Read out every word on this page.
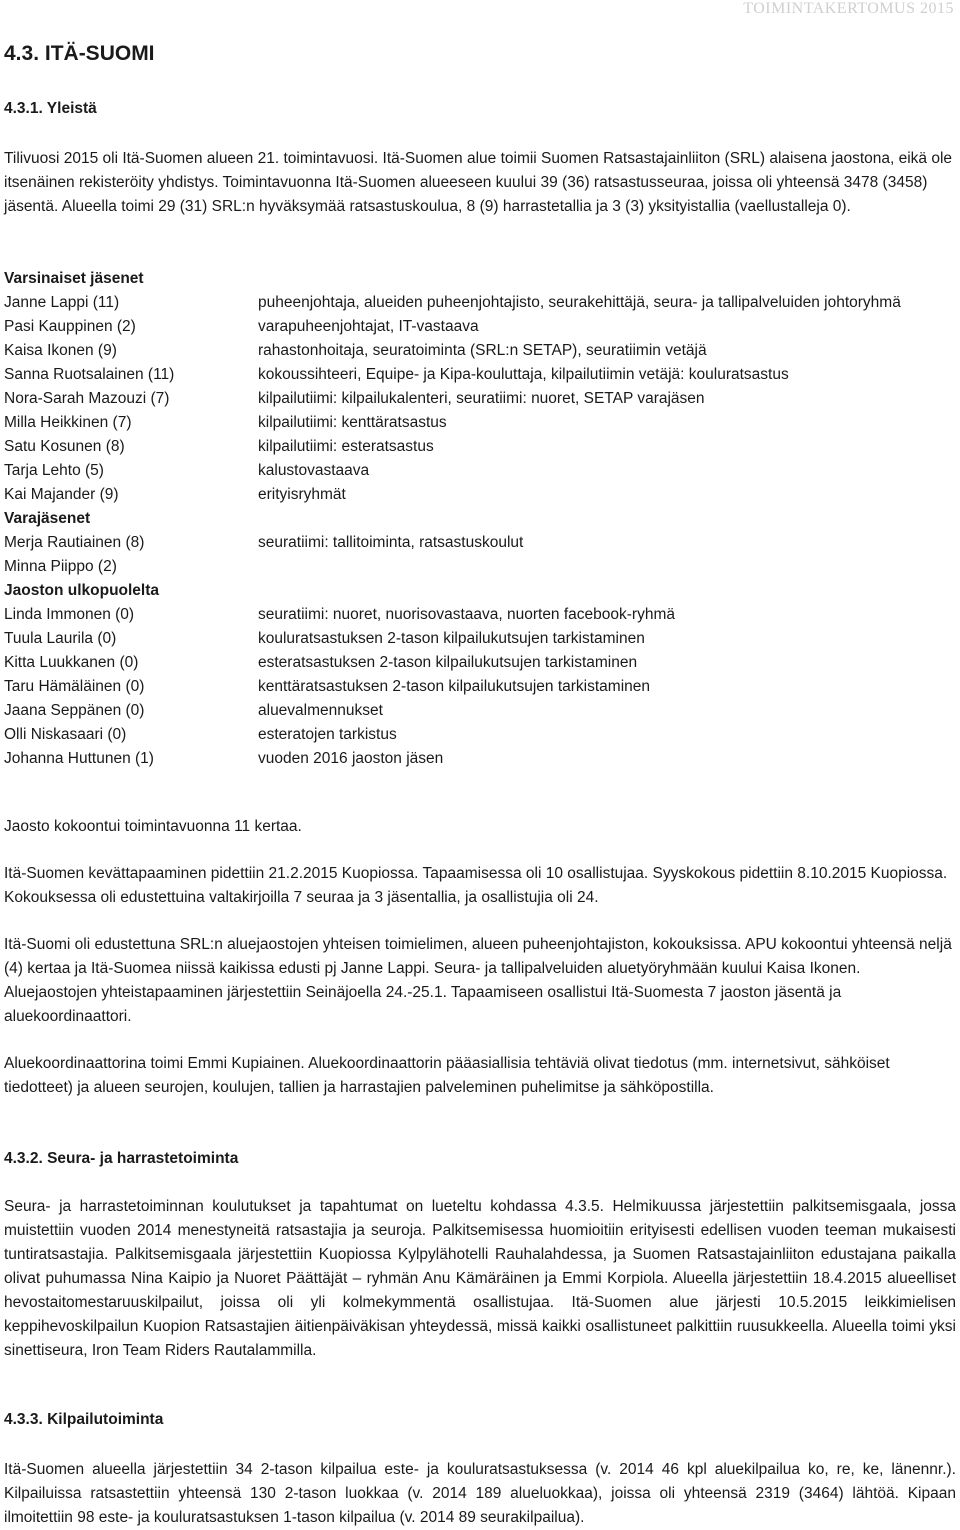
TOIMINTAKERTOMUS 2015
4.3. ITÄ-SUOMI
4.3.1. Yleistä

Tilivuosi 2015 oli Itä-Suomen alueen 21. toimintavuosi. Itä-Suomen alue toimii Suomen Ratsastajainliiton (SRL) alaisena jaostona, eikä ole itsenäinen rekisteröity yhdistys. Toimintavuonna Itä-Suomen alueeseen kuului 39 (36) ratsastusseuraa, joissa oli yhteensä 3478 (3458) jäsentä. Alueella toimi 29 (31) SRL:n hyväksymää ratsastuskoulua, 8 (9) harrastetallia ja 3 (3) yksityistallia (vaellustalleja 0).

Varsinaiset jäsenet
Janne Lappi (11)	puheenjohtaja, alueiden puheenjohtajisto, seurakehittäjä, seura- ja tallipalveluiden johtoryhmä
Pasi Kauppinen (2)	varapuheenjohtajat, IT-vastaava
Kaisa Ikonen (9)	rahastonhoitaja, seuratoiminta (SRL:n SETAP), seuratiimin vetäjä
Sanna Ruotsalainen (11)	kokoussihteeri, Equipe- ja Kipa-kouluttaja, kilpailutiimin vetäjä: kouluratsastus
Nora-Sarah Mazouzi (7)	kilpailutiimi: kilpailukalenteri, seuratiimi: nuoret, SETAP varajäsen
Milla Heikkinen (7)	kilpailutiimi: kenttäratsastus
Satu Kosunen (8)	kilpailutiimi: esteratsastus
Tarja Lehto (5)	kalustovastaava
Kai Majander (9)	erityisryhmät
Varajäsenet
Merja Rautiainen (8)	seuratiimi: tallitoiminta, ratsastuskoulut
Minna Piippo (2)
Jaoston ulkopuolelta
Linda Immonen (0)	seuratiimi: nuoret, nuorisovastaava, nuorten facebook-ryhmä
Tuula Laurila (0)	kouluratsastuksen 2-tason kilpailukutsujen tarkistaminen
Kitta Luukkanen (0)	esteratsastuksen 2-tason kilpailukutsujen tarkistaminen
Taru Hämäläinen (0)	kenttäratsastuksen 2-tason kilpailukutsujen tarkistaminen
Jaana Seppänen (0)	aluevalmennukset
Olli Niskasaari (0)	esteratojen tarkistus
Johanna Huttunen (1)	vuoden 2016 jaoston jäsen

Jaosto kokoontui toimintavuonna 11 kertaa.

Itä-Suomen kevättapaaminen pidettiin 21.2.2015 Kuopiossa. Tapaamisessa oli 10 osallistujaa. Syyskokous pidettiin 8.10.2015 Kuopiossa. Kokouksessa oli edustettuina valtakirjoilla 7 seuraa ja 3 jäsentallia, ja osallistujia oli 24.

Itä-Suomi oli edustettuna SRL:n aluejaostojen yhteisen toimielimen, alueen puheenjohtajiston, kokouksissa. APU kokoontui yhteensä neljä (4) kertaa ja Itä-Suomea niissä kaikissa edusti pj Janne Lappi. Seura- ja tallipalveluiden aluetyöryhmään kuului Kaisa Ikonen. Aluejaostojen yhteistapaaminen järjestettiin Seinäjoella 24.-25.1. Tapaamiseen osallistui Itä-Suomesta 7 jaoston jäsentä ja aluekoordinaattori.

Aluekoordinaattorina toimi Emmi Kupiainen. Aluekoordinaattorin pääasiallisia tehtäviä olivat tiedotus (mm. internetsivut, sähköiset tiedotteet) ja alueen seurojen, koulujen, tallien ja harrastajien palveleminen puhelimitse ja sähköpostilla.

4.3.2. Seura- ja harrastetoiminta

Seura- ja harrastetoiminnan koulutukset ja tapahtumat on lueteltu kohdassa 4.3.5. Helmikuussa järjestettiin palkitsemisgaala, jossa muistettiin vuoden 2014 menestyneitä ratsastajia ja seuroja. Palkitsemisessa huomioitiin erityisesti edellisen vuoden teeman mukaisesti tuntiratsastajia. Palkitsemisgaala järjestettiin Kuopiossa Kylpylähotelli Rauhalahdessa, ja Suomen Ratsastajainliiton edustajana paikalla olivat puhumassa Nina Kaipio ja Nuoret Päättäjät – ryhmän Anu Kämäräinen ja Emmi Korpiola. Alueella järjestettiin 18.4.2015 alueelliset hevostaitomestaruuskilpailut, joissa oli yli kolmekymmentä osallistujaa. Itä-Suomen alue järjesti 10.5.2015 leikkimielisen keppihevoskilpailun Kuopion Ratsastajien äitienpäiväkisan yhteydessä, missä kaikki osallistuneet palkittiin ruusukkeella. Alueella toimi yksi sinettiseura, Iron Team Riders Rautalammilla.

4.3.3. Kilpailutoiminta

Itä-Suomen alueella järjestettiin 34 2-tason kilpailua este- ja kouluratsastuksessa (v. 2014 46 kpl aluekilpailua ko, re, ke, länennr.). Kilpailuissa ratsastettiin yhteensä 130 2-tason luokkaa (v. 2014 189 alueluokkaa), joissa oli yhteensä 2319 (3464) lähtöä. Kipaan ilmoitettiin 98 este- ja kouluratsastuksen 1-tason kilpailua (v. 2014 89 seurakilpailua).
